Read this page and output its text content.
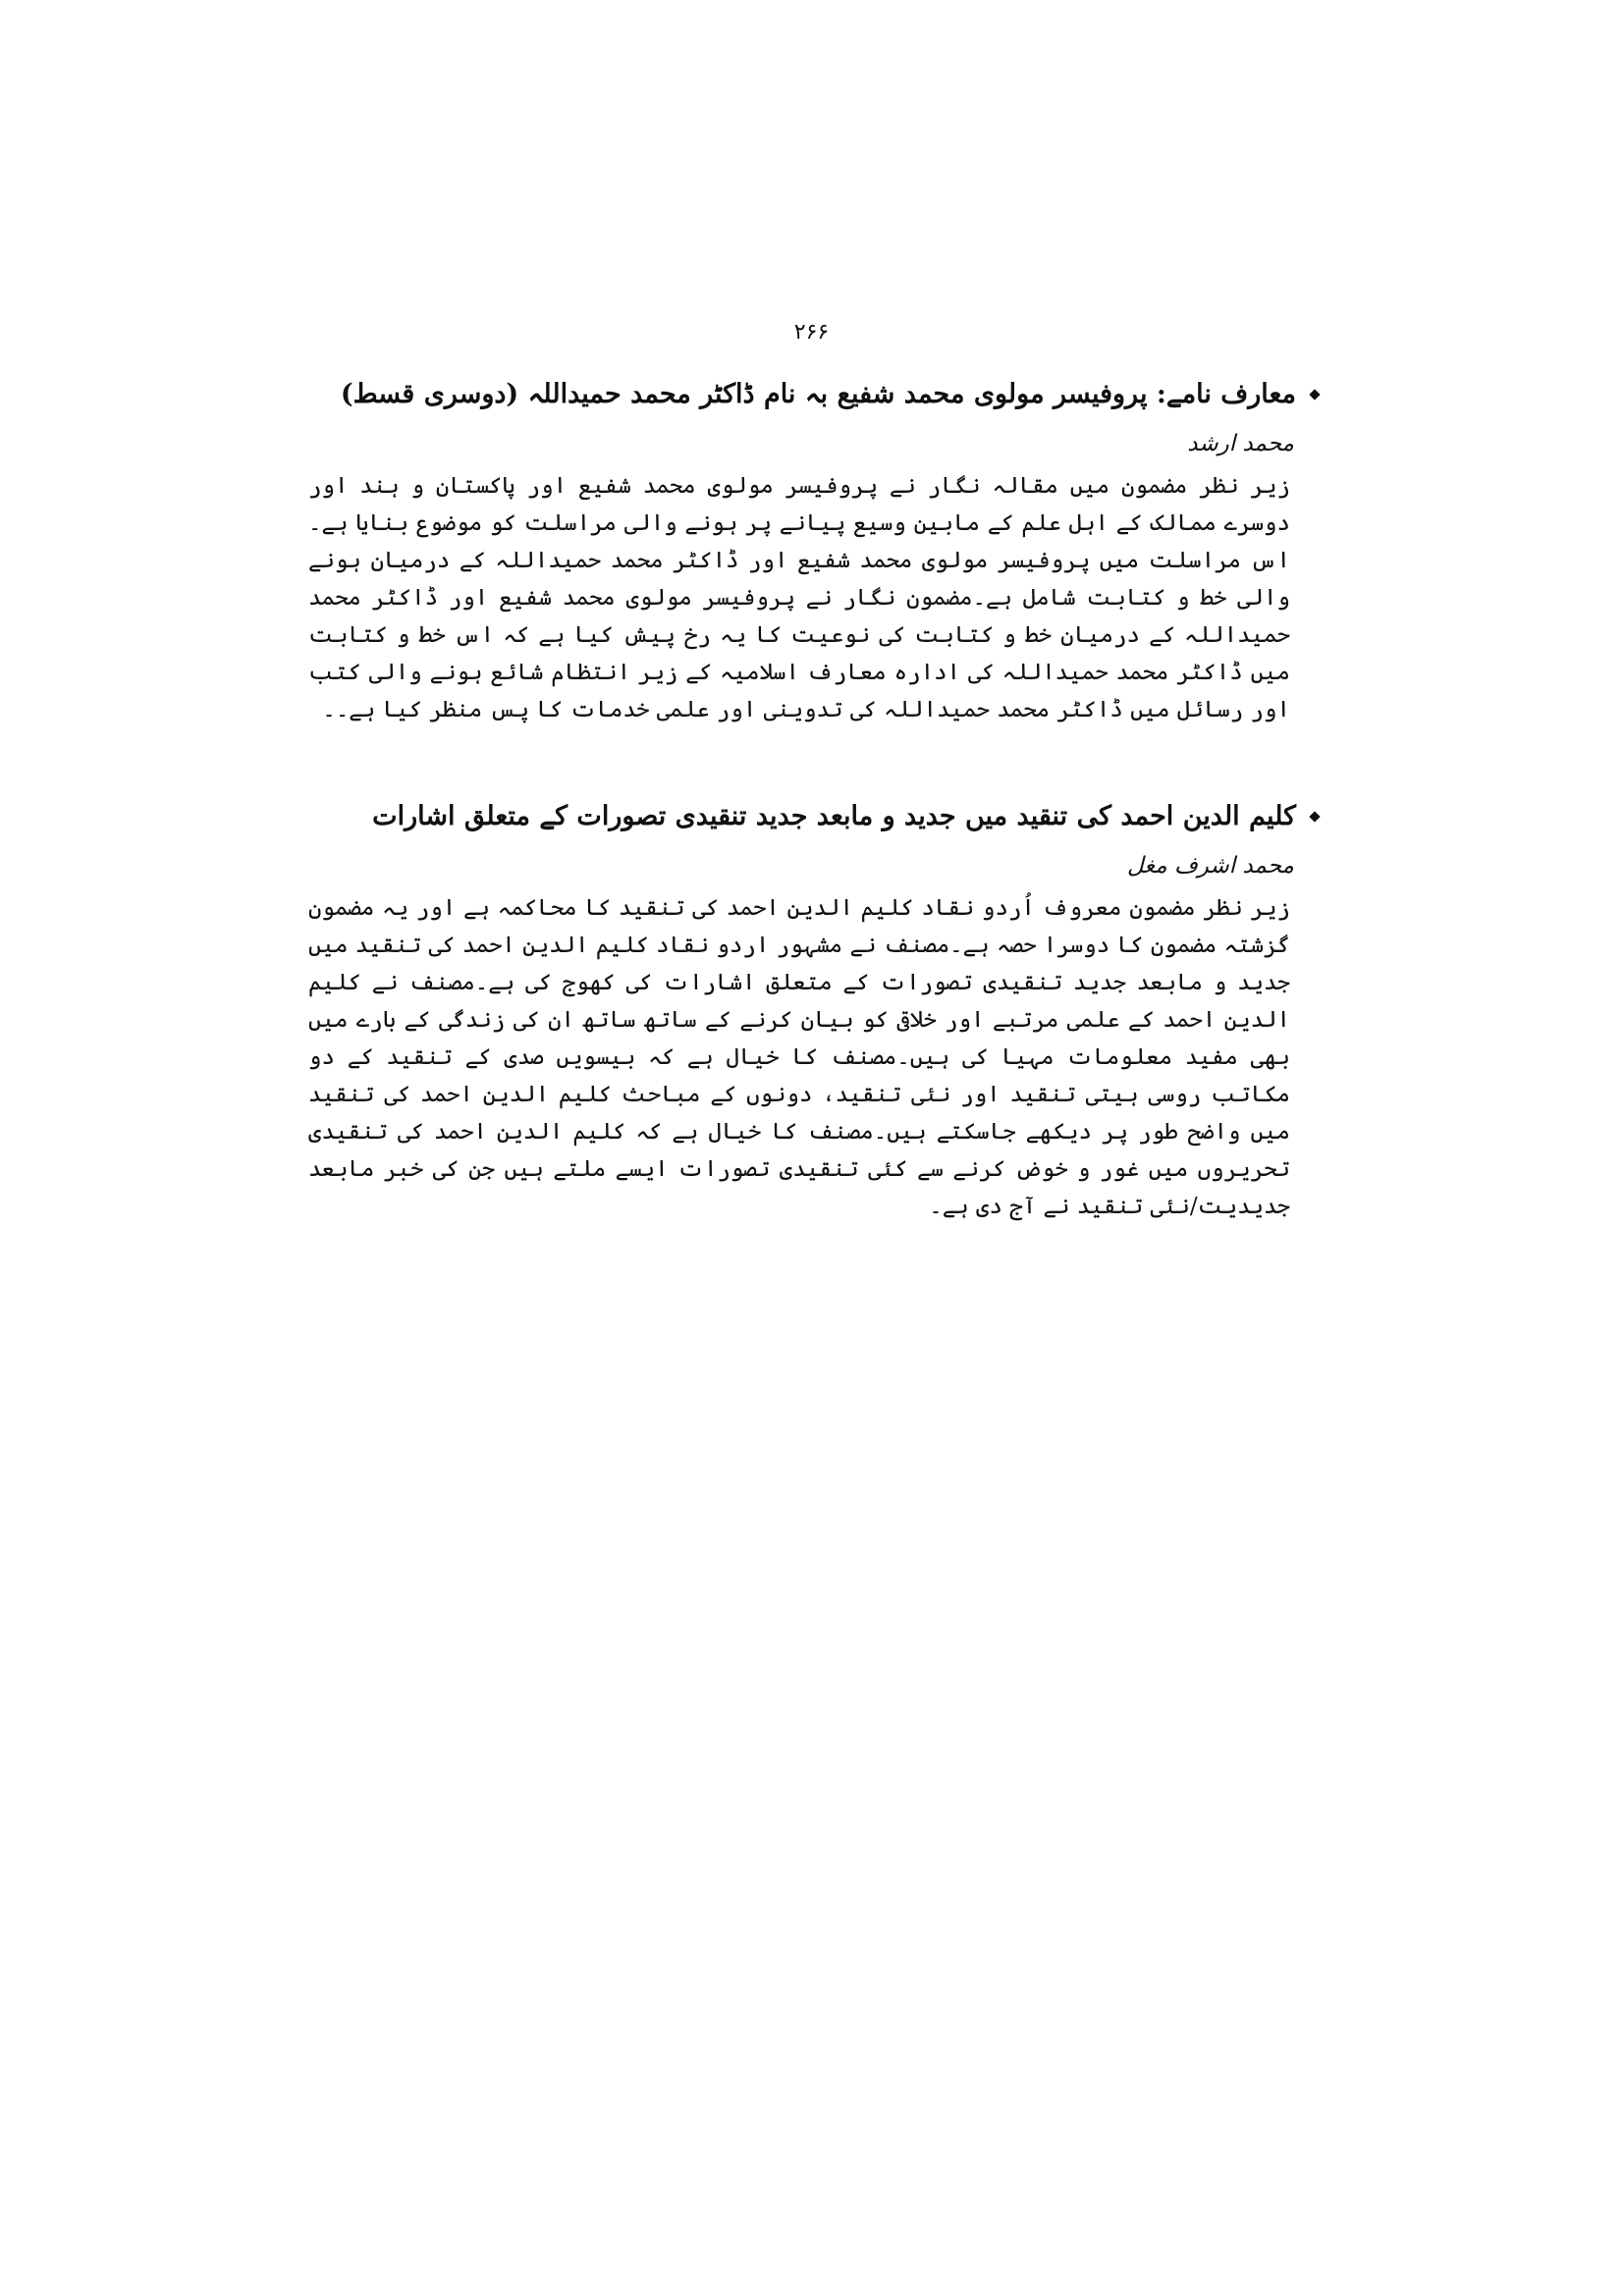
۲۶۶
معارف نامے: پروفیسر مولوی محمد شفیع بہ نام ڈاکٹر محمد حمیداللہ (دوسری قسط)
محمد ارشد
زیر نظر مضمون میں مقالہ نگار نے پروفیسر مولوی محمد شفیع اور پاکستان و ہند اور دوسرے ممالک کے اہل علم کے مابین وسیع پیانے پر ہونے والی مراسلت کو موضوع بنایا ہے۔اس مراسلت میں پروفیسر مولوی محمد شفیع اور ڈاکٹر محمد حمیداللہ کے درمیان ہونے والی خط و کتابت شامل ہے۔مضمون نگار نے پروفیسر مولوی محمد شفیع اور ڈاکٹر محمد حمیداللہ کے درمیان خط و کتابت کی نوعیت کا یہ رخ پیش کیا ہے کہ اس خط و کتابت میں ڈاکٹر محمد حمیداللہ کی ادارہ معارف اسلامیہ کے زیر انتظام شائع ہونے والی کتب اور رسائل میں ڈاکٹر محمد حمیداللہ کی تدوینی اور علمی خدمات کا پس منظر کیا ہے۔۔
کلیم الدین احمد کی تنقید میں جدید و مابعد جدید تنقیدی تصورات کے متعلق اشارات
محمد اشرف مغل
زیر نظر مضمون معروف اُردو نقاد کلیم الدین احمد کی تنقید کا محاکمہ ہے اور یہ مضمون گزشتہ مضمون کا دوسرا حصہ ہے۔مصنف نے مشہور اردو نقاد کلیم الدین احمد کی تنقید میں جدید و مابعد جدید تنقیدی تصورات کے متعلق اشارات کی کھوج کی ہے۔مصنف نے کلیم الدین احمد کے علمی مرتبے اور خلاقی کو بیان کرنے کے ساتھ ساتھ ان کی زندگی کے بارے میں بھی مفید معلومات مہیا کی ہیں۔مصنف کا خیال ہے کہ بیسویں صدی کے تنقید کے دو مکاتب روسی ہیتی تنقید اور نئی تنقید، دونوں کے مباحث کلیم الدین احمد کی تنقید میں واضح طور پر دیکھے جاسکتے ہیں۔مصنف کا خیال ہے کہ کلیم الدین احمد کی تنقیدی تحریروں میں غور و خوض کرنے سے کئی تنقیدی تصورات ایسے ملتے ہیں جن کی خبر مابعد جدیدیت/نئی تنقید نے آج دی ہے۔
